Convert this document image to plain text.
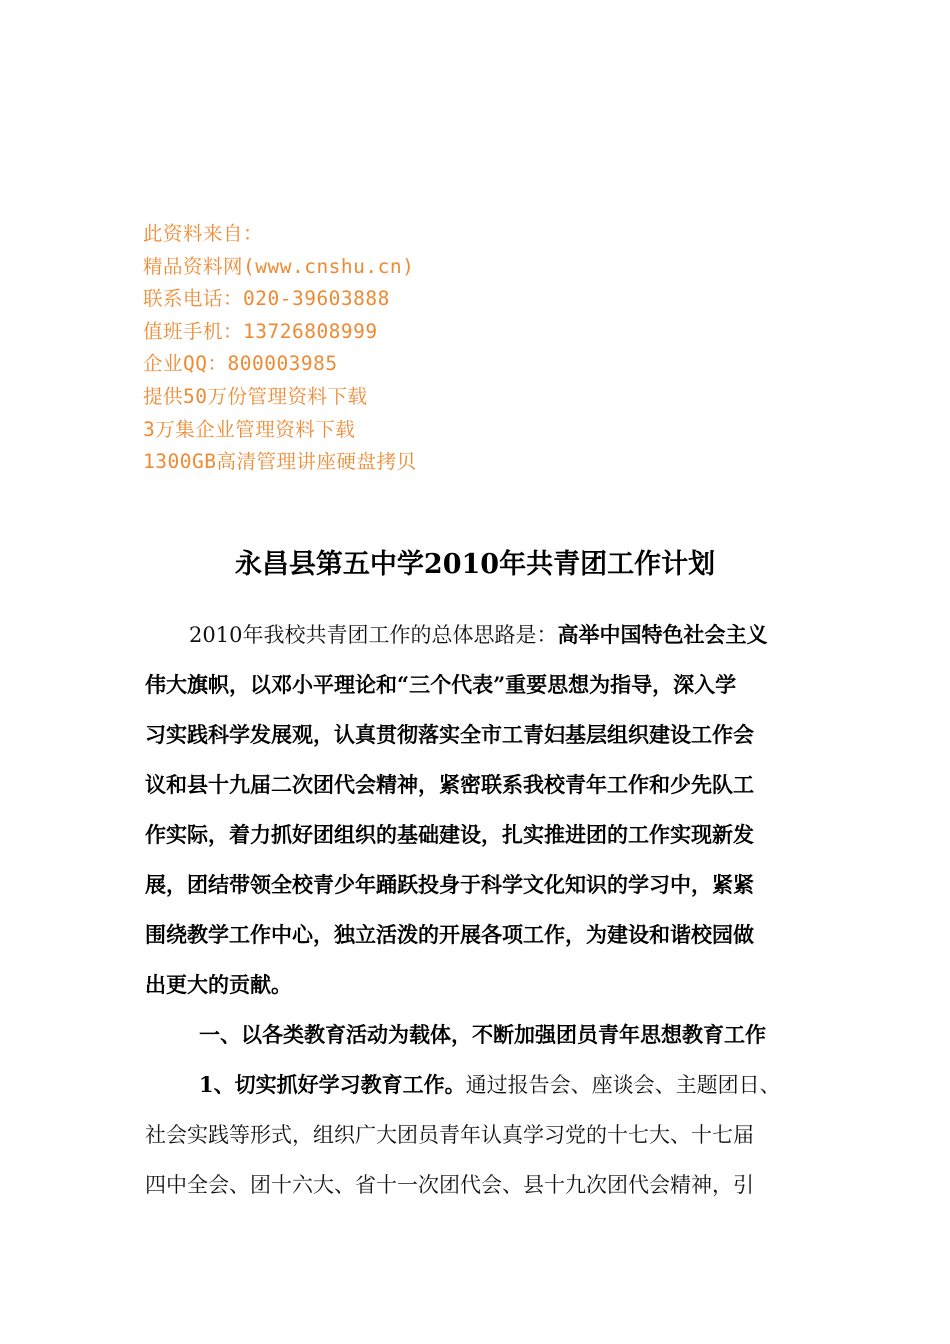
此资料来自：
精品资料网(www.cnshu.cn)
联系电话：020-39603888
值班手机：13726808999
企业QQ：800003985
提供50万份管理资料下载
3万集企业管理资料下载
1300GB高清管理讲座硬盘拷贝
永昌县第五中学2010年共青团工作计划
2010年我校共青团工作的总体思路是：高举中国特色社会主义
伟大旗帜，以邓小平理论和“三个代表”重要思想为指导，深入学
习实践科学发展观，认真贯彻落实全市工青妇基层组织建设工作会
议和县十九届二次团代会精神，紧密联系我校青年工作和少先队工
作实际，着力抓好团组织的基础建设，扎实推进团的工作实现新发
展，团结带领全校青少年踊跃投身于科学文化知识的学习中，紧紧
围绕教学工作中心，独立活泼的开展各项工作，为建设和谐校园做
出更大的贡献。
一、以各类教育活动为载体，不断加强团员青年思想教育工作
1、切实抓好学习教育工作。通过报告会、座谈会、主题团日、
社会实践等形式，组织广大团员青年认真学习党的十七大、十七届
四中全会、团十六大、省十一次团代会、县十九次团代会精神，引
